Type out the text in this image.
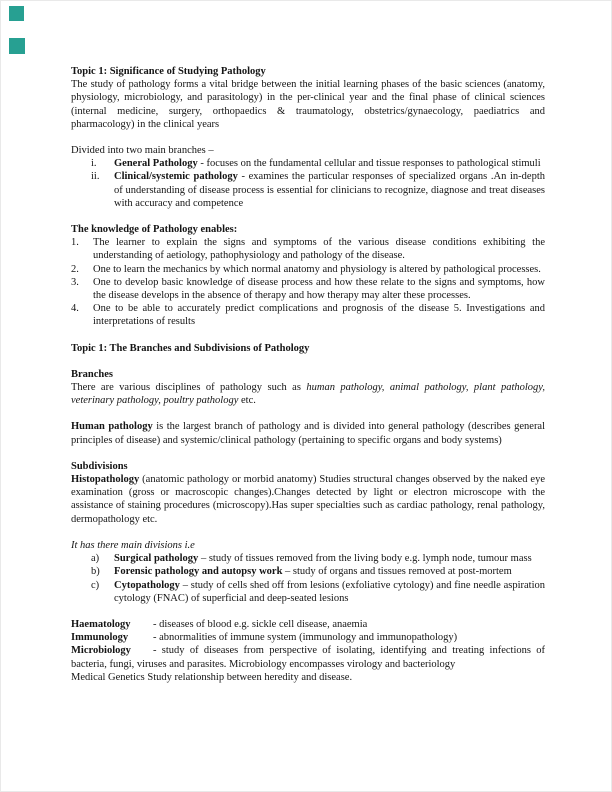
Topic 1: Significance of Studying Pathology
The study of pathology forms a vital bridge between the initial learning phases of the basic sciences (anatomy, physiology, microbiology, and parasitology) in the per-clinical year and the final phase of clinical sciences (internal medicine, surgery, orthopaedics & traumatology, obstetrics/gynaecology, paediatrics and pharmacology) in the clinical years
Divided into two main branches –
i.	General Pathology - focuses on the fundamental cellular and tissue responses to pathological stimuli
ii.	Clinical/systemic pathology - examines the particular responses of specialized organs .An in-depth of understanding of disease process is essential for clinicians to recognize, diagnose and treat diseases with accuracy and competence
The knowledge of Pathology enables:
1.	The learner to explain the signs and symptoms of the various disease conditions exhibiting the understanding of aetiology, pathophysiology and pathology of the disease.
2.	One to learn the mechanics by which normal anatomy and physiology is altered by pathological processes.
3.	One to develop basic knowledge of disease process and how these relate to the signs and symptoms, how the disease develops in the absence of therapy and how therapy may alter these processes.
4.	One to be able to accurately predict complications and prognosis of the disease 5. Investigations and interpretations of results
Topic 1: The Branches and Subdivisions of Pathology
Branches
There are various disciplines of pathology such as human pathology, animal pathology, plant pathology, veterinary pathology, poultry pathology etc.
Human pathology is the largest branch of pathology and is divided into general pathology (describes general principles of disease) and systemic/clinical pathology (pertaining to specific organs and body systems)
Subdivisions
Histopathology (anatomic pathology or morbid anatomy) Studies structural changes observed by the naked eye examination (gross or macroscopic changes).Changes detected by light or electron microscope with the assistance of staining procedures (microscopy).Has super specialties such as cardiac pathology, renal pathology, dermopathology etc.
It has there main divisions i.e
a)	Surgical pathology – study of tissues removed from the living body e.g. lymph node, tumour mass
b)	Forensic pathology and autopsy work – study of organs and tissues removed at post-mortem
c)	Cytopathology – study of cells shed off from lesions (exfoliative cytology) and fine needle aspiration cytology (FNAC) of superficial and deep-seated lesions
Haematology - diseases of blood e.g. sickle cell disease, anaemia
Immunology - abnormalities of immune system (immunology and immunopathology)
Microbiology - study of diseases from perspective of isolating, identifying and treating infections of bacteria, fungi, viruses and parasites. Microbiology encompasses virology and bacteriology
Medical Genetics Study relationship between heredity and disease.
